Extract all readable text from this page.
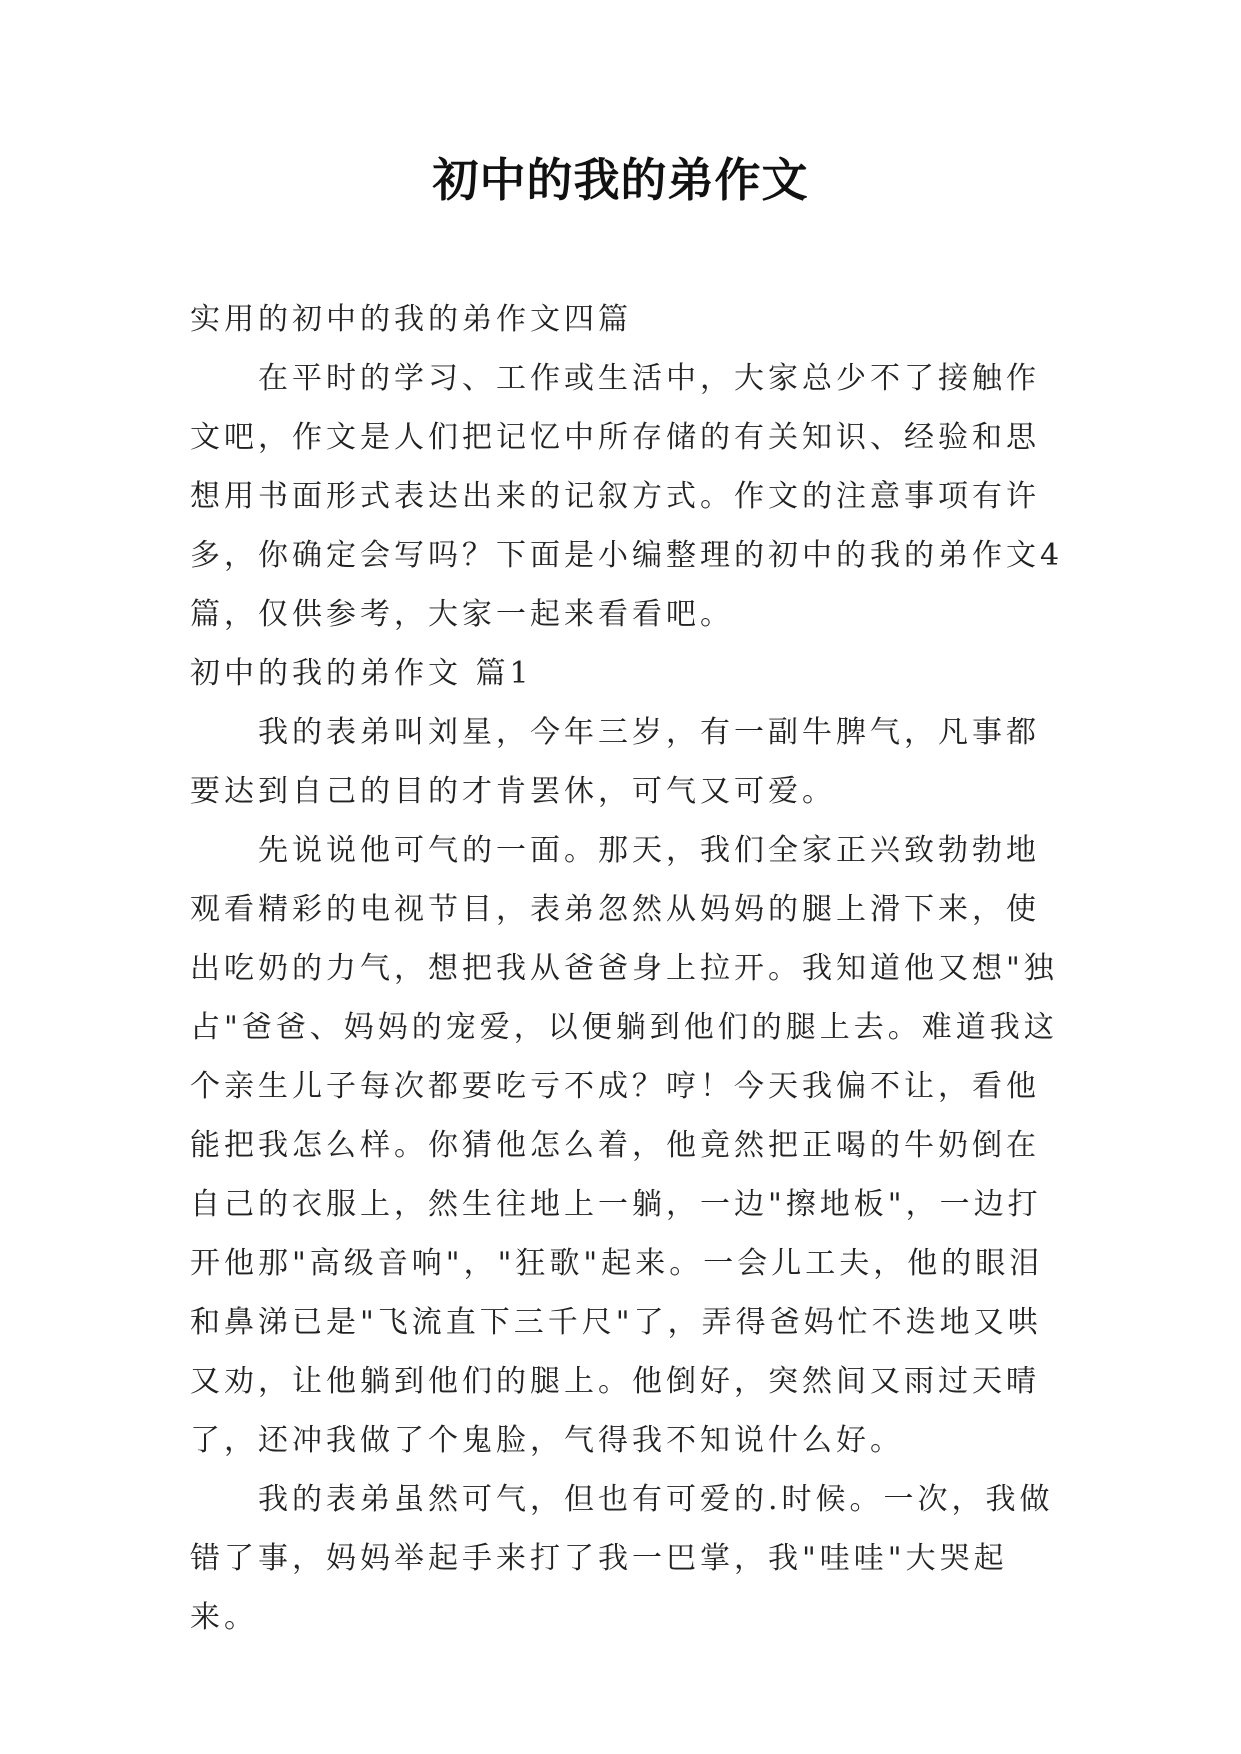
初中的我的弟作文

实用的初中的我的弟作文四篇

在平时的学习、工作或生活中，大家总少不了接触作文吧，作文是人们把记忆中所存储的有关知识、经验和思想用书面形式表达出来的记叙方式。作文的注意事项有许多，你确定会写吗？下面是小编整理的初中的我的弟作文4篇，仅供参考，大家一起来看看吧。

初中的我的弟作文 篇1

我的表弟叫刘星，今年三岁，有一副牛脾气，凡事都要达到自己的目的才肯罢休，可气又可爱。

先说说他可气的一面。那天，我们全家正兴致勃勃地观看精彩的电视节目，表弟忽然从妈妈的腿上滑下来，使出吃奶的力气，想把我从爸爸身上拉开。我知道他又想"独占"爸爸、妈妈的宠爱，以便躺到他们的腿上去。难道我这个亲生儿子每次都要吃亏不成？哼！今天我偏不让，看他能把我怎么样。你猜他怎么着，他竟然把正喝的牛奶倒在自己的衣服上，然生往地上一躺，一边"擦地板"，一边打开他那"高级音响"，"狂歌"起来。一会儿工夫，他的眼泪和鼻涕已是"飞流直下三千尺"了，弄得爸妈忙不迭地又哄又劝，让他躺到他们的腿上。他倒好，突然间又雨过天晴了，还冲我做了个鬼脸，气得我不知说什么好。

我的表弟虽然可气，但也有可爱的.时候。一次，我做错了事，妈妈举起手来打了我一巴掌，我"哇哇"大哭起来。
